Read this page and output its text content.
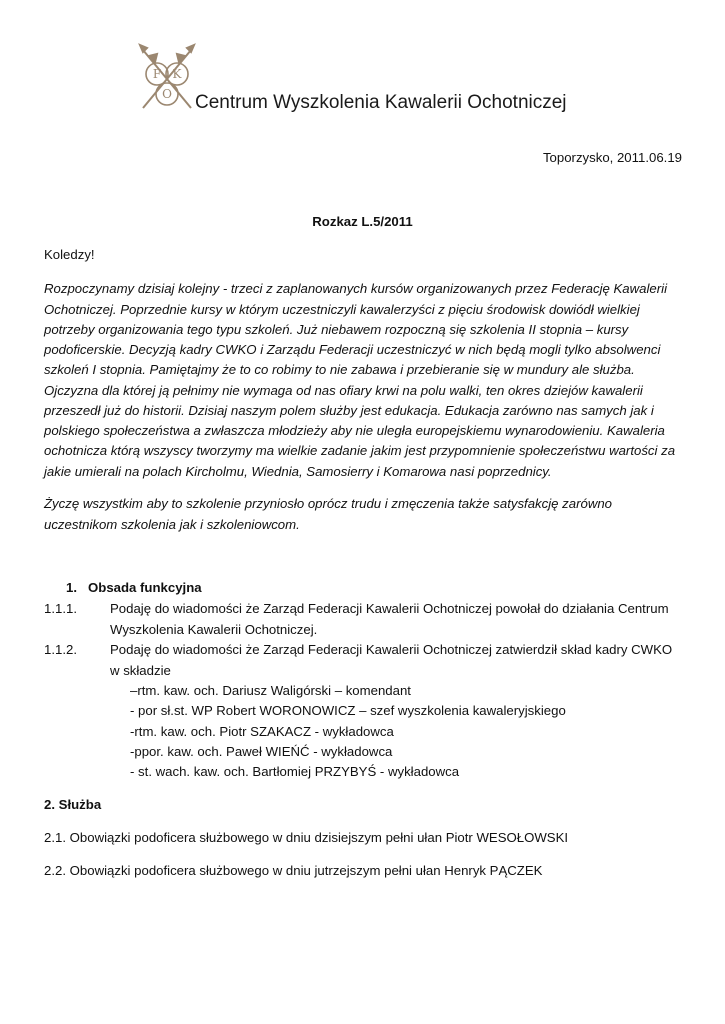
F K
O Centrum Wyszkolenia Kawalerii Ochotniczej
Toporzysko, 2011.06.19
Rozkaz L.5/2011
Koledzy!
Rozpoczynamy dzisiaj kolejny - trzeci z zaplanowanych kursów organizowanych przez Federację Kawalerii
Ochotniczej. Poprzednie kursy w którym uczestniczyli kawalerzyści z pięciu środowisk dowiódł wielkiej
potrzeby organizowania tego typu szkoleń. Już niebawem rozpoczną się szkolenia II stopnia – kursy
podoficerskie. Decyzją kadry CWKO i Zarządu Federacji uczestniczyć w nich będą mogli tylko absolwenci
szkoleń I stopnia. Pamiętajmy że to co robimy to nie zabawa i przebieranie się w mundury ale służba.
Ojczyzna dla której ją pełnimy nie wymaga od nas ofiary krwi na polu walki, ten okres dziejów kawalerii
przeszedł już do historii. Dzisiaj naszym polem służby jest edukacja. Edukacja zarówno nas samych jak i
polskiego społeczeństwa a zwłaszcza młodzieży aby nie uległa europejskiemu wynarodowieniu. Kawaleria
ochotnicza którą wszyscy tworzymy ma wielkie zadanie jakim jest przypomnienie społeczeństwu wartości za
jakie umierali na polach Kircholmu, Wiednia, Samosierry i Komarowa nasi poprzednicy.
Życzę wszystkim aby to szkolenie przyniosło oprócz trudu i zmęczenia także satysfakcję zarówno
uczestnikom szkolenia jak i szkoleniowcom.
1. Obsada funkcyjna
1.1.1.	Podaję do wiadomości że Zarząd Federacji Kawalerii Ochotniczej powołał do działania Centrum
Wyszkolenia Kawalerii Ochotniczej.
1.1.2.	Podaję do wiadomości że Zarząd Federacji Kawalerii Ochotniczej zatwierdził skład kadry CWKO
w składzie
–rtm. kaw. och. Dariusz Waligórski – komendant
- por sł.st. WP Robert WORONOWICZ – szef wyszkolenia kawaleryjskiego
-rtm. kaw. och. Piotr SZAKACZ - wykładowca
-ppor. kaw. och. Paweł WIEŃĆ - wykładowca
- st. wach. kaw. och. Bartłomiej PRZYBYŚ - wykładowca
2. Służba
2.1. Obowiązki podoficera służbowego w dniu dzisiejszym pełni ułan Piotr WESOŁOWSKI
2.2. Obowiązki podoficera służbowego w dniu jutrzejszym pełni ułan Henryk PĄCZEK
